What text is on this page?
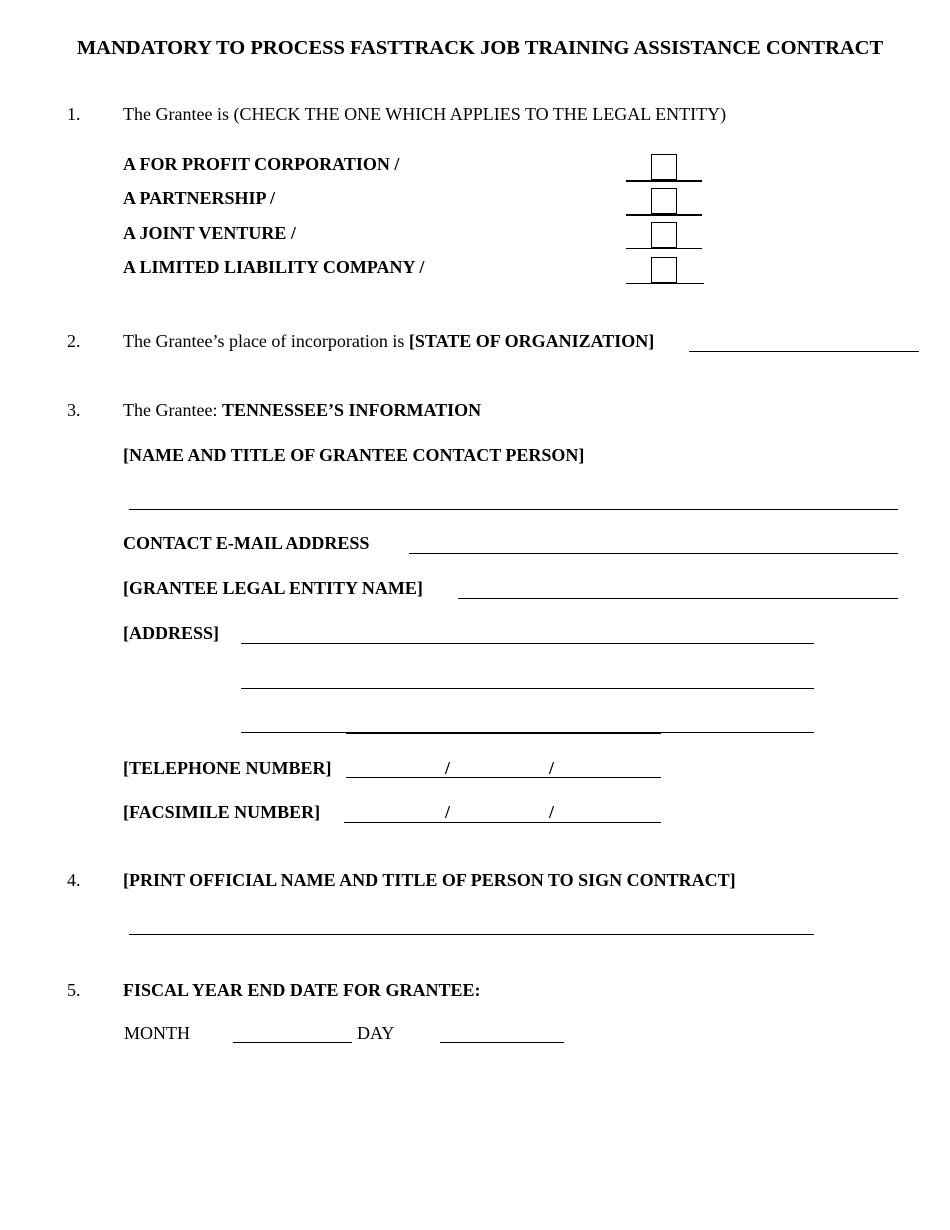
MANDATORY TO PROCESS FASTTRACK JOB TRAINING ASSISTANCE CONTRACT
1. The Grantee is (CHECK THE ONE WHICH APPLIES TO THE LEGAL ENTITY)
A FOR PROFIT CORPORATION /
A PARTNERSHIP /
A JOINT VENTURE /
A LIMITED LIABILITY COMPANY /
2. The Grantee’s place of incorporation is [STATE OF ORGANIZATION]
3. The Grantee: TENNESSEE’S INFORMATION
[NAME AND TITLE OF GRANTEE CONTACT PERSON]
CONTACT E-MAIL ADDRESS
[GRANTEE LEGAL ENTITY NAME]
[ADDRESS]
[TELEPHONE NUMBER]	/	/
[FACSIMILE NUMBER]	/	/
4. [PRINT OFFICIAL NAME AND TITLE OF PERSON TO SIGN CONTRACT]
5. FISCAL YEAR END DATE FOR GRANTEE:
MONTH	DAY
